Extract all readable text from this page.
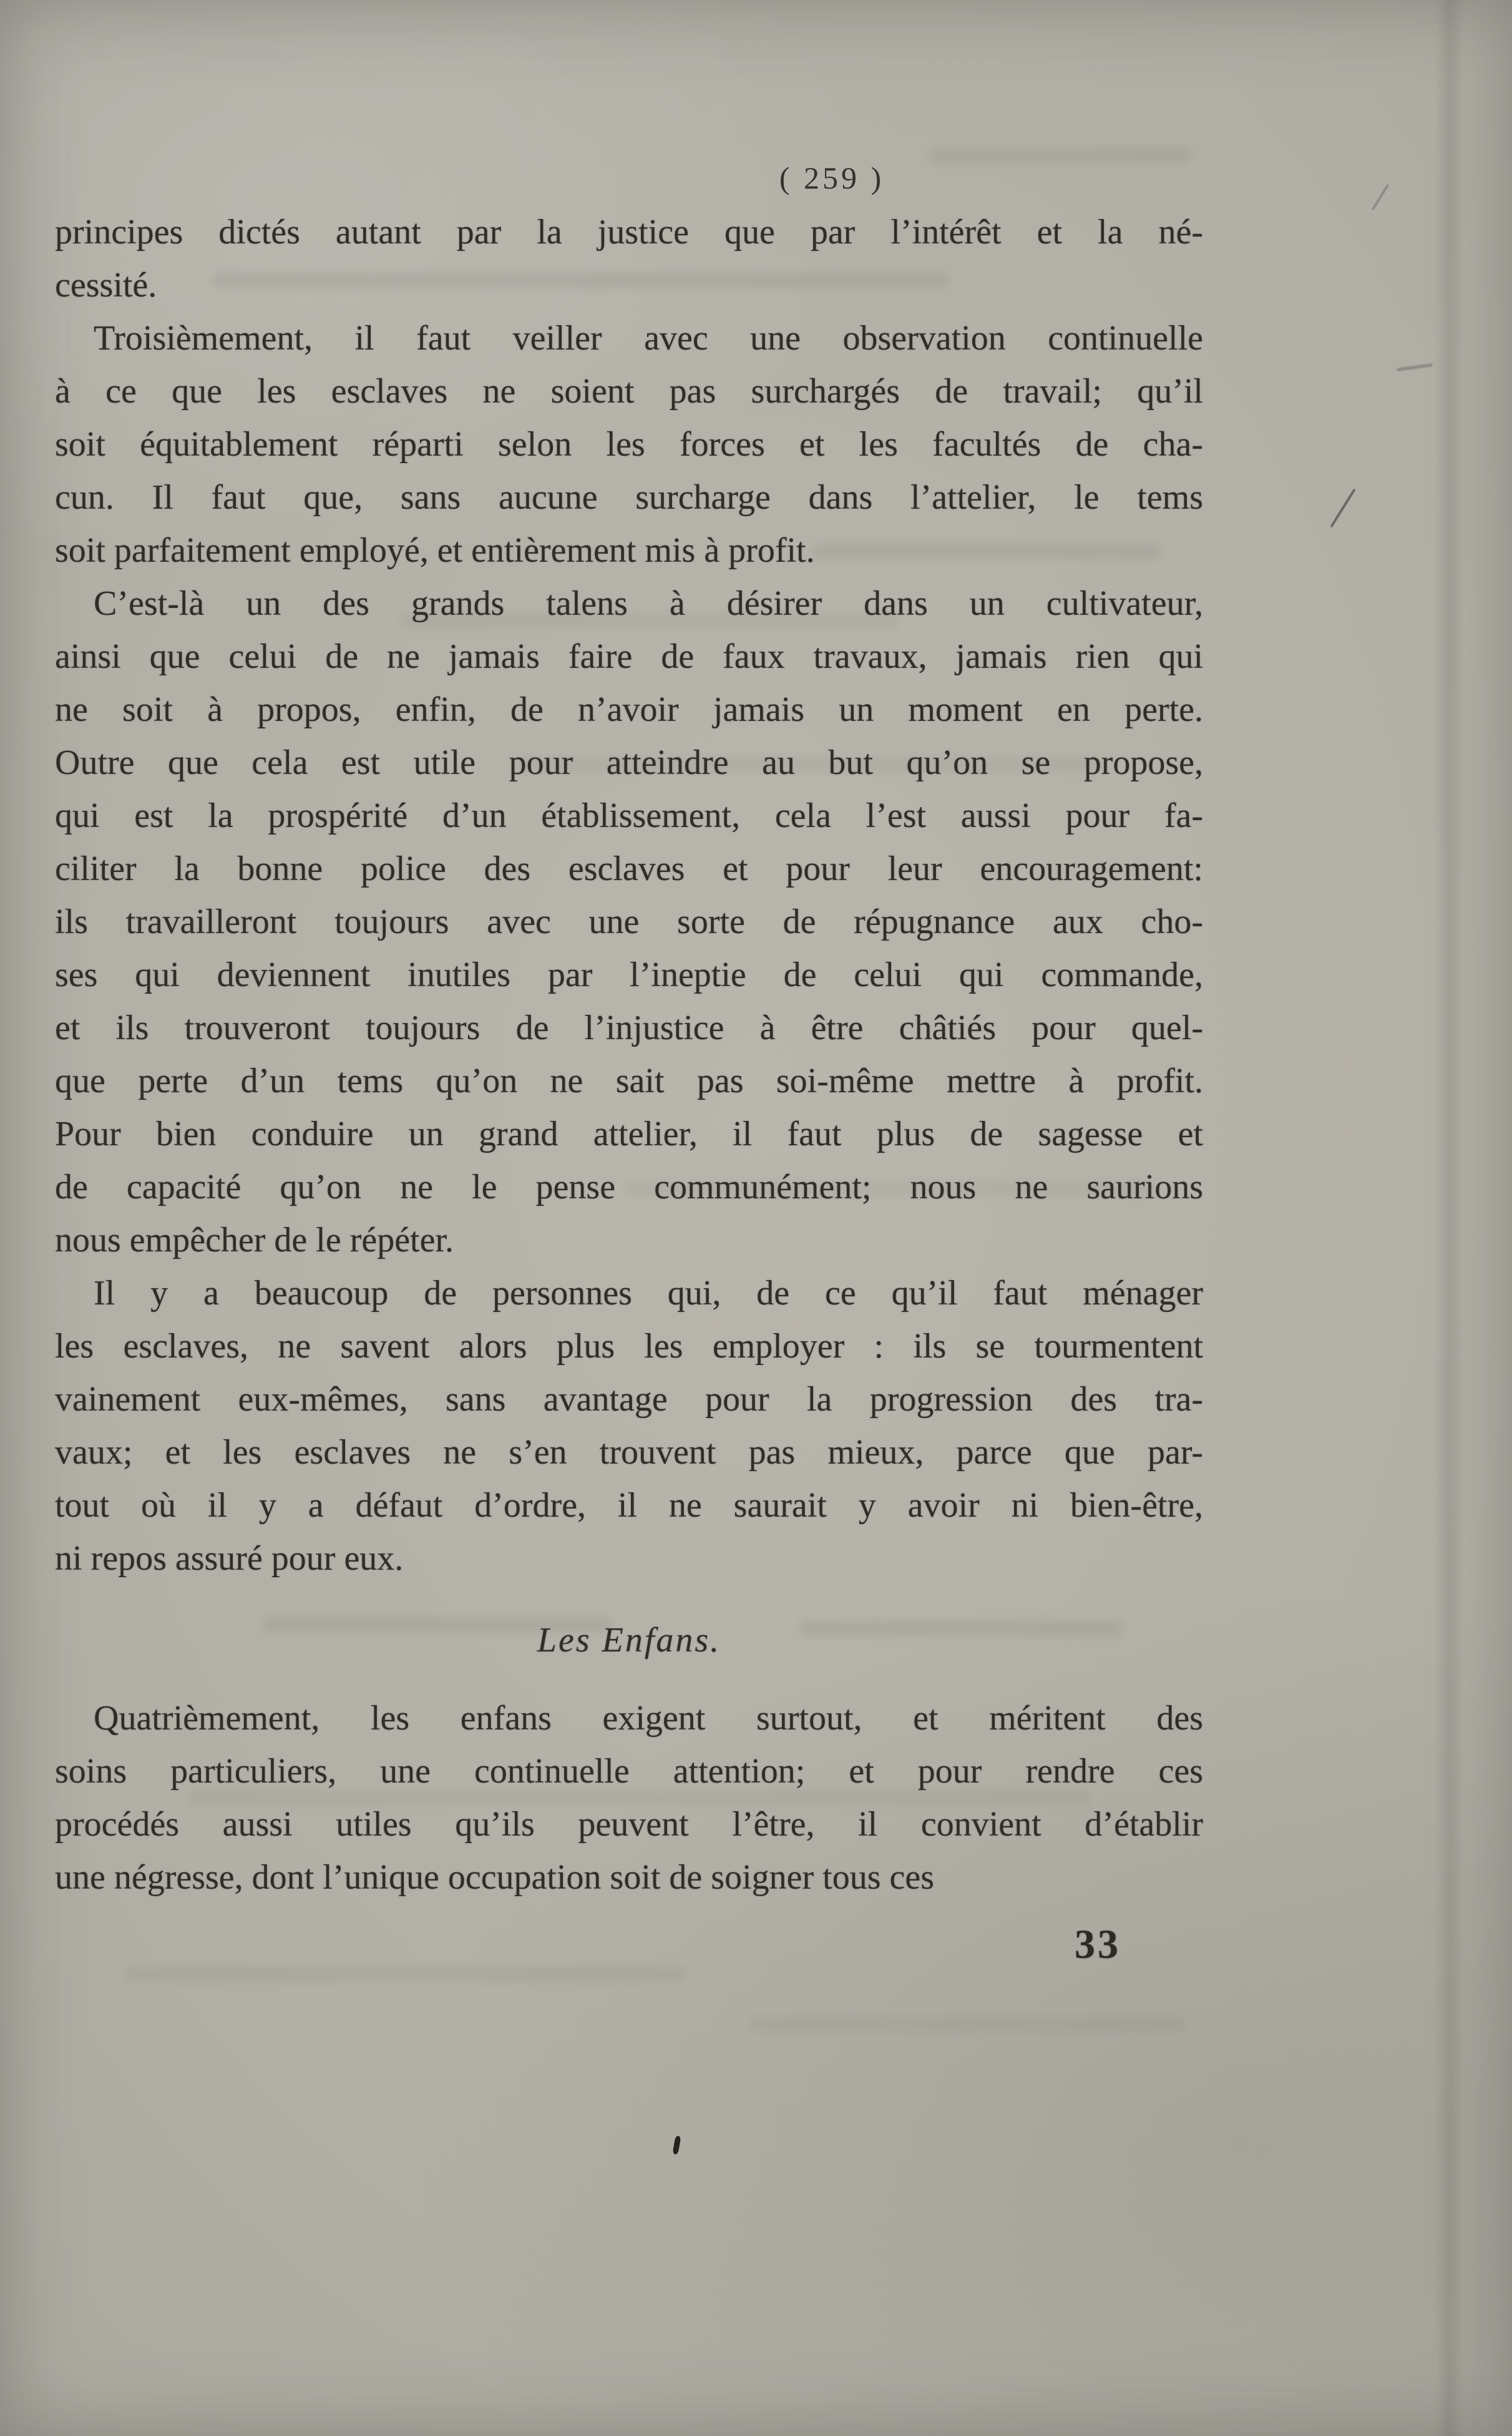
( 259 )
principes dictés autant par la justice que par l’intérêt et la né-
cessité.
Troisièmement, il faut veiller avec une observation continuelle
à ce que les esclaves ne soient pas surchargés de travail; qu’il
soit équitablement réparti selon les forces et les facultés de cha-
cun. Il faut que, sans aucune surcharge dans l’attelier, le tems
soit parfaitement employé, et entièrement mis à profit.
C’est-là un des grands talens à désirer dans un cultivateur,
ainsi que celui de ne jamais faire de faux travaux, jamais rien qui
ne soit à propos, enfin, de n’avoir jamais un moment en perte.
Outre que cela est utile pour atteindre au but qu’on se propose,
qui est la prospérité d’un établissement, cela l’est aussi pour fa-
ciliter la bonne police des esclaves et pour leur encouragement:
ils travailleront toujours avec une sorte de répugnance aux cho-
ses qui deviennent inutiles par l’ineptie de celui qui commande,
et ils trouveront toujours de l’injustice à être châtiés pour quel-
que perte d’un tems qu’on ne sait pas soi-même mettre à profit.
Pour bien conduire un grand attelier, il faut plus de sagesse et
de capacité qu’on ne le pense communément; nous ne saurions
nous empêcher de le répéter.
Il y a beaucoup de personnes qui, de ce qu’il faut ménager
les esclaves, ne savent alors plus les employer : ils se tourmentent
vainement eux-mêmes, sans avantage pour la progression des tra-
vaux; et les esclaves ne s’en trouvent pas mieux, parce que par-
tout où il y a défaut d’ordre, il ne saurait y avoir ni bien-être,
ni repos assuré pour eux.
Les Enfans.
Quatrièmement, les enfans exigent surtout, et méritent des
soins particuliers, une continuelle attention; et pour rendre ces
procédés aussi utiles qu’ils peuvent l’être, il convient d’établir
une négresse, dont l’unique occupation soit de soigner tous ces
33
